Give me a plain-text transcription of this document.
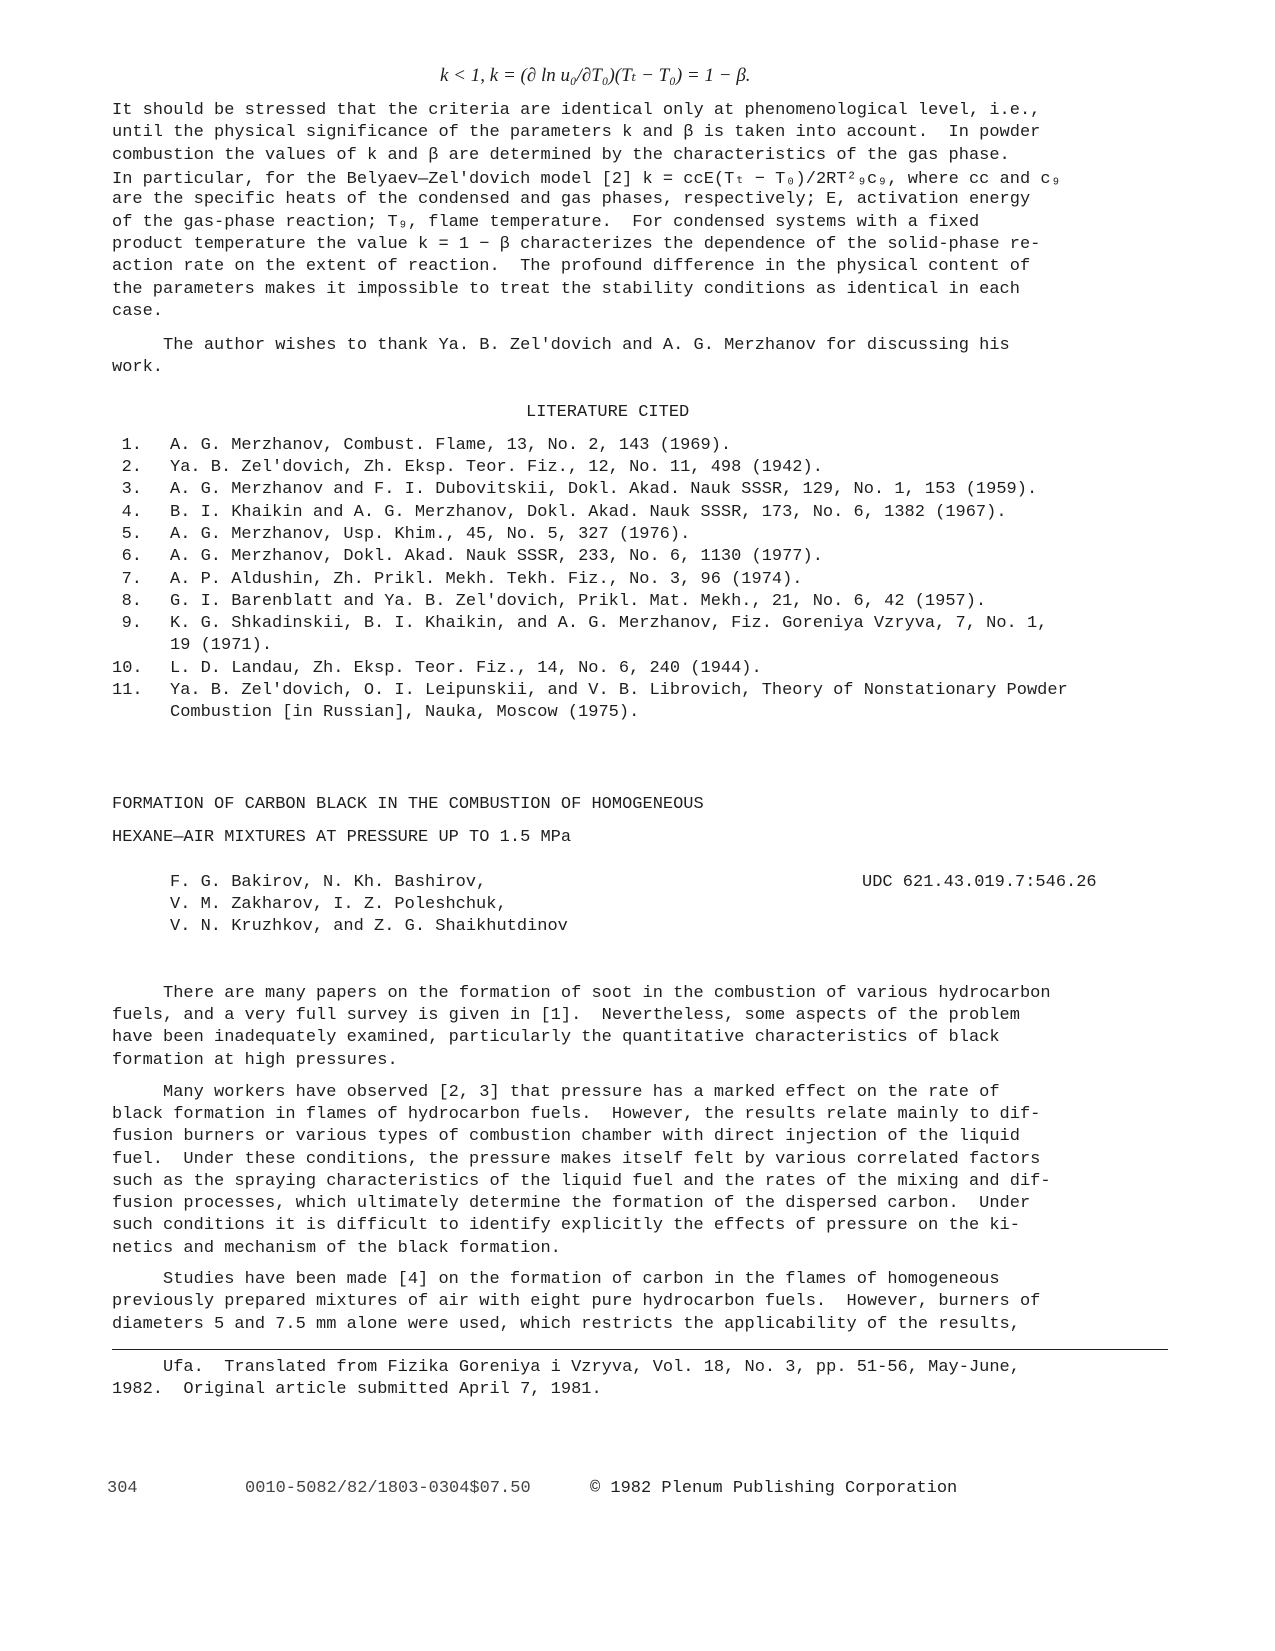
k < 1, k = (∂ ln u₀/∂T₀)(Tₜ − T₀) = 1 − β.
It should be stressed that the criteria are identical only at phenomenological level, i.e.,
until the physical significance of the parameters k and β is taken into account.  In powder
combustion the values of k and β are determined by the characteristics of the gas phase.
In particular, for the Belyaev—Zel'dovich model [2] k = cᴄE(Tₜ − T₀)/2RT²₉c₉, where cᴄ and c₉
are the specific heats of the condensed and gas phases, respectively; E, activation energy
of the gas-phase reaction; T₉, flame temperature.  For condensed systems with a fixed
product temperature the value k = 1 − β characterizes the dependence of the solid-phase re-
action rate on the extent of reaction.  The profound difference in the physical content of
the parameters makes it impossible to treat the stability conditions as identical in each
case.
The author wishes to thank Ya. B. Zel'dovich and A. G. Merzhanov for discussing his
work.
LITERATURE CITED
1. A. G. Merzhanov, Combust. Flame, 13, No. 2, 143 (1969).
2. Ya. B. Zel'dovich, Zh. Eksp. Teor. Fiz., 12, No. 11, 498 (1942).
3. A. G. Merzhanov and F. I. Dubovitskii, Dokl. Akad. Nauk SSSR, 129, No. 1, 153 (1959).
4. B. I. Khaikin and A. G. Merzhanov, Dokl. Akad. Nauk SSSR, 173, No. 6, 1382 (1967).
5. A. G. Merzhanov, Usp. Khim., 45, No. 5, 327 (1976).
6. A. G. Merzhanov, Dokl. Akad. Nauk SSSR, 233, No. 6, 1130 (1977).
7. A. P. Aldushin, Zh. Prikl. Mekh. Tekh. Fiz., No. 3, 96 (1974).
8. G. I. Barenblatt and Ya. B. Zel'dovich, Prikl. Mat. Mekh., 21, No. 6, 42 (1957).
9. K. G. Shkadinskii, B. I. Khaikin, and A. G. Merzhanov, Fiz. Goreniya Vzryva, 7, No. 1,
19 (1971).
10. L. D. Landau, Zh. Eksp. Teor. Fiz., 14, No. 6, 240 (1944).
11. Ya. B. Zel'dovich, O. I. Leipunskii, and V. B. Librovich, Theory of Nonstationary Powder
Combustion [in Russian], Nauka, Moscow (1975).
FORMATION OF CARBON BLACK IN THE COMBUSTION OF HOMOGENEOUS
HEXANE—AIR MIXTURES AT PRESSURE UP TO 1.5 MPa
F. G. Bakirov, N. Kh. Bashirov,
V. M. Zakharov, I. Z. Poleshchuk,
V. N. Kruzhkov, and Z. G. Shaikhutdinov
UDC 621.43.019.7:546.26
There are many papers on the formation of soot in the combustion of various hydrocarbon
fuels, and a very full survey is given in [1].  Nevertheless, some aspects of the problem
have been inadequately examined, particularly the quantitative characteristics of black
formation at high pressures.
Many workers have observed [2, 3] that pressure has a marked effect on the rate of
black formation in flames of hydrocarbon fuels.  However, the results relate mainly to dif-
fusion burners or various types of combustion chamber with direct injection of the liquid
fuel.  Under these conditions, the pressure makes itself felt by various correlated factors
such as the spraying characteristics of the liquid fuel and the rates of the mixing and dif-
fusion processes, which ultimately determine the formation of the dispersed carbon.  Under
such conditions it is difficult to identify explicitly the effects of pressure on the ki-
netics and mechanism of the black formation.
Studies have been made [4] on the formation of carbon in the flames of homogeneous
previously prepared mixtures of air with eight pure hydrocarbon fuels.  However, burners of
diameters 5 and 7.5 mm alone were used, which restricts the applicability of the results,
Ufa.  Translated from Fizika Goreniya i Vzryva, Vol. 18, No. 3, pp. 51-56, May-June,
1982.  Original article submitted April 7, 1981.
304	0010-5082/82/1803-0304$07.50	© 1982 Plenum Publishing Corporation
